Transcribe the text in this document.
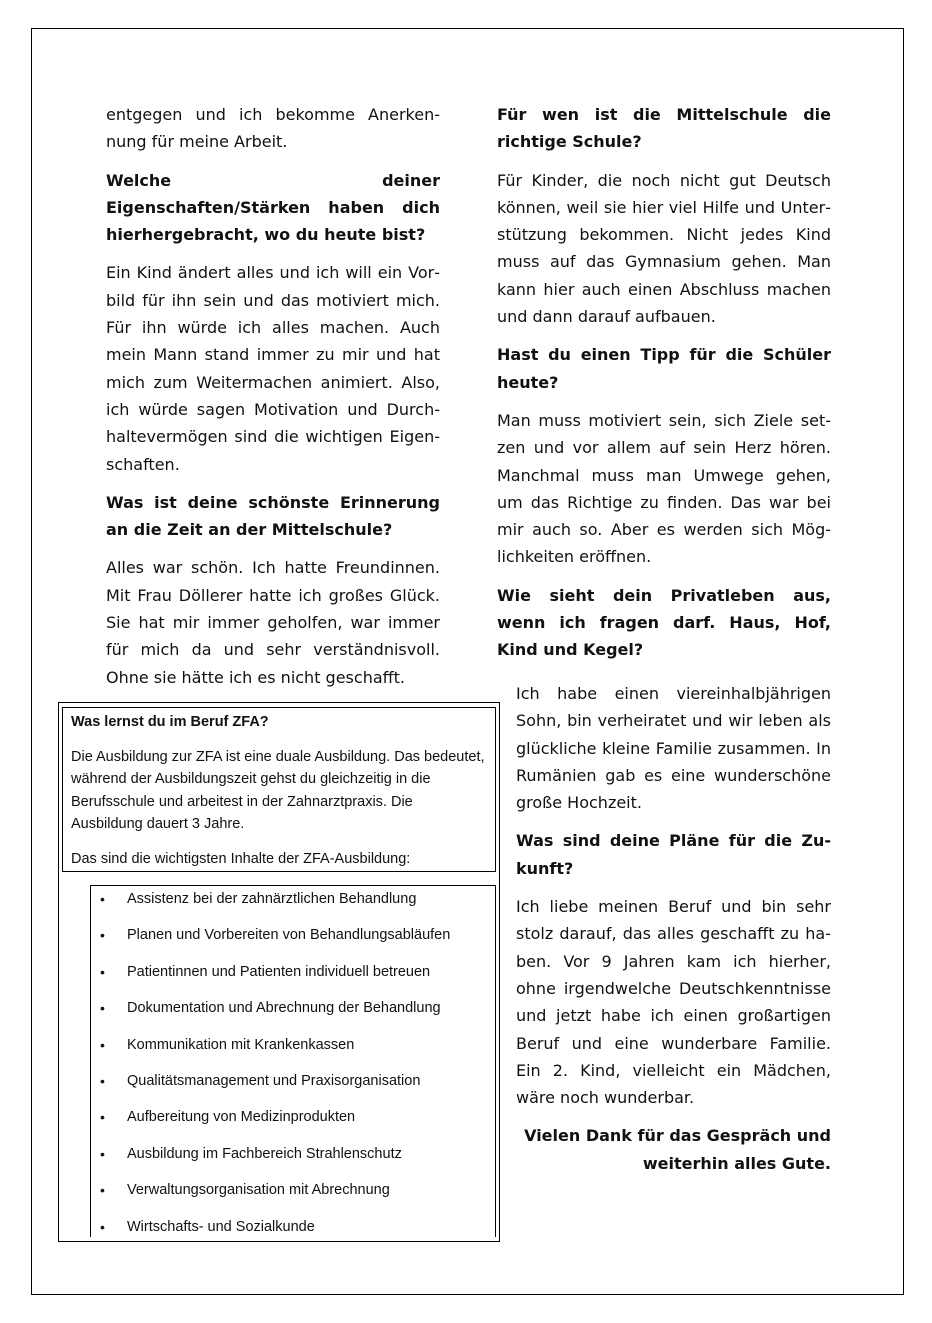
entgegen und ich bekomme Anerkennung für meine Arbeit.

Welche deiner Eigenschaften/Stärken haben dich hierhergebracht, wo du heute bist?

Ein Kind ändert alles und ich will ein Vorbild für ihn sein und das motiviert mich. Für ihn würde ich alles machen. Auch mein Mann stand immer zu mir und hat mich zum Weitermachen animiert. Also, ich würde sagen Motivation und Durchhaltevermögen sind die wichtigen Eigenschaften.

Was ist deine schönste Erinnerung an die Zeit an der Mittelschule?

Alles war schön. Ich hatte Freundinnen. Mit Frau Döllerer hatte ich großes Glück. Sie hat mir immer geholfen, war immer für mich da und sehr verständnisvoll. Ohne sie hätte ich es nicht geschafft.

Für wen ist die Mittelschule die richtige Schule?

Für Kinder, die noch nicht gut Deutsch können, weil sie hier viel Hilfe und Unterstützung bekommen. Nicht jedes Kind muss auf das Gymnasium gehen. Man kann hier auch einen Abschluss machen und dann darauf aufbauen.

Hast du einen Tipp für die Schüler heute?

Man muss motiviert sein, sich Ziele setzen und vor allem auf sein Herz hören. Manchmal muss man Umwege gehen, um das Richtige zu finden. Das war bei mir auch so. Aber es werden sich Möglichkeiten eröffnen.

Wie sieht dein Privatleben aus, wenn ich fragen darf. Haus, Hof, Kind und Kegel?

Ich habe einen viereinhalbjährigen Sohn, bin verheiratet und wir leben als glückliche kleine Familie zusammen. In Rumänien gab es eine wunderschöne große Hochzeit.

Was sind deine Pläne für die Zukunft?

Ich liebe meinen Beruf und bin sehr stolz darauf, das alles geschafft zu haben. Vor 9 Jahren kam ich hierher, ohne irgendwelche Deutschkenntnisse und jetzt habe ich einen großartigen Beruf und eine wunderbare Familie. Ein 2. Kind, vielleicht ein Mädchen, wäre noch wunderbar.

Vielen Dank für das Gespräch und weiterhin alles Gute.

Was lernst du im Beruf ZFA?

Die Ausbildung zur ZFA ist eine duale Ausbildung. Das bedeutet, während der Ausbildungszeit gehst du gleichzeitig in die Berufsschule und arbeitest in der Zahnarztpraxis. Die Ausbildung dauert 3 Jahre.

Das sind die wichtigsten Inhalte der ZFA-Ausbildung:

• Assistenz bei der zahnärztlichen Behandlung
• Planen und Vorbereiten von Behandlungsabläufen
• Patientinnen und Patienten individuell betreuen
• Dokumentation und Abrechnung der Behandlung
• Kommunikation mit Krankenkassen
• Qualitätsmanagement und Praxisorganisation
• Aufbereitung von Medizinprodukten
• Ausbildung im Fachbereich Strahlenschutz
• Verwaltungsorganisation mit Abrechnung
• Wirtschafts- und Sozialkunde
